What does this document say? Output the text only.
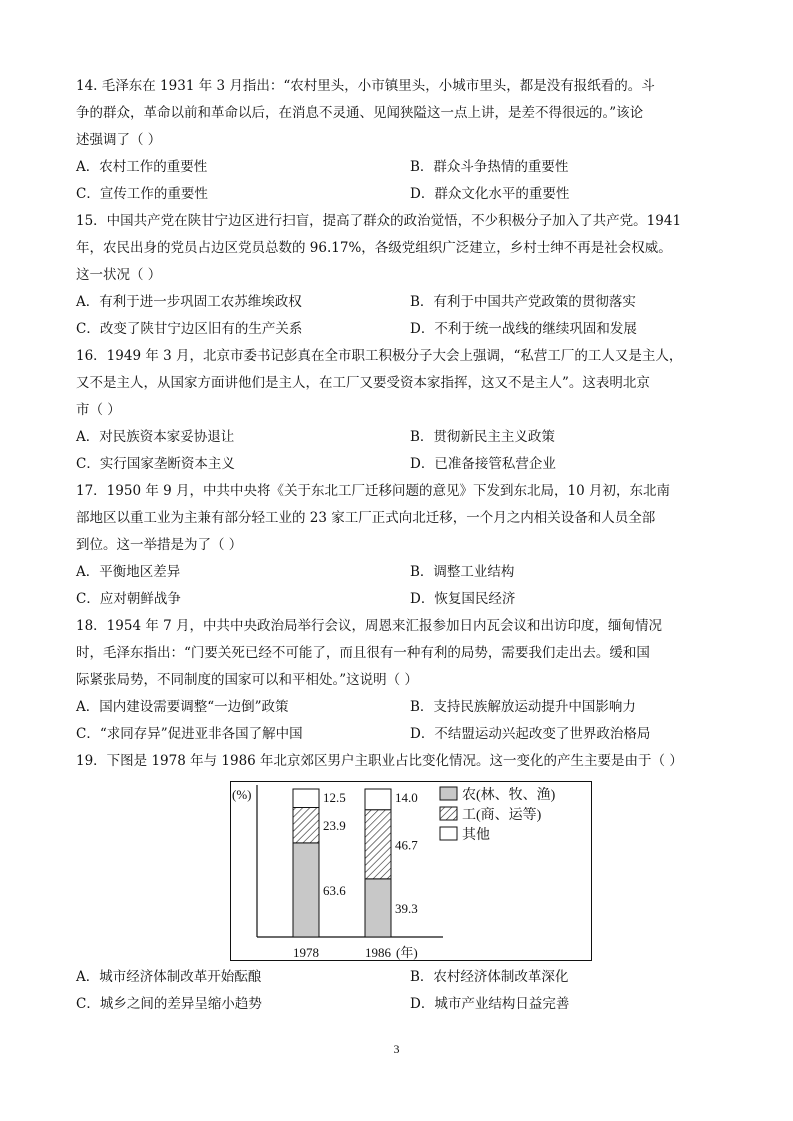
14. 毛泽东在 1931 年 3 月指出：“农村里头，小市镇里头，小城市里头，都是没有报纸看的。斗
争的群众，革命以前和革命以后，在消息不灵通、见闻狭隘这一点上讲，是差不得很远的。”该论
述强调了（ ）
A．农村工作的重要性	B．群众斗争热情的重要性
C．宣传工作的重要性	D．群众文化水平的重要性
15．中国共产党在陕甘宁边区进行扫盲，提高了群众的政治觉悟，不少积极分子加入了共产党。1941
年，农民出身的党员占边区党员总数的 96.17%，各级党组织广泛建立，乡村士绅不再是社会权威。
这一状况（ ）
A．有利于进一步巩固工农苏维埃政权	B．有利于中国共产党政策的贯彻落实
C．改变了陕甘宁边区旧有的生产关系	D．不利于统一战线的继续巩固和发展
16．1949 年 3 月，北京市委书记彭真在全市职工积极分子大会上强调，“私营工厂的工人又是主人，
又不是主人，从国家方面讲他们是主人，在工厂又要受资本家指挥，这又不是主人”。这表明北京
市（ ）
A．对民族资本家妥协退让	B．贯彻新民主主义政策
C．实行国家垄断资本主义	D．已准备接管私营企业
17．1950 年 9 月，中共中央将《关于东北工厂迁移问题的意见》下发到东北局，10 月初，东北南
部地区以重工业为主兼有部分轻工业的 23 家工厂正式向北迁移，一个月之内相关设备和人员全部
到位。这一举措是为了（ ）
A．平衡地区差异	B．调整工业结构
C．应对朝鲜战争	D．恢复国民经济
18．1954 年 7 月，中共中央政治局举行会议，周恩来汇报参加日内瓦会议和出访印度，缅甸情况
时，毛泽东指出：“门要关死已经不可能了，而且很有一种有利的局势，需要我们走出去。缓和国
际紧张局势，不同制度的国家可以和平相处。”这说明（ ）
A．国内建设需要调整“一边倒”政策	B．支持民族解放运动提升中国影响力
C．“求同存异”促进亚非各国了解中国	D．不结盟运动兴起改变了世界政治格局
19．下图是 1978 年与 1986 年北京郊区男户主职业占比变化情况。这一变化的产生主要是由于（ ）
(%)
(年)
63.6
23.9
12.5
1978
39.3
46.7
14.0
1986
农(林、牧、渔)
工(商、运等)
其他
A．城市经济体制改革开始酝酿	B．农村经济体制改革深化
C．城乡之间的差异呈缩小趋势	D．城市产业结构日益完善
3
